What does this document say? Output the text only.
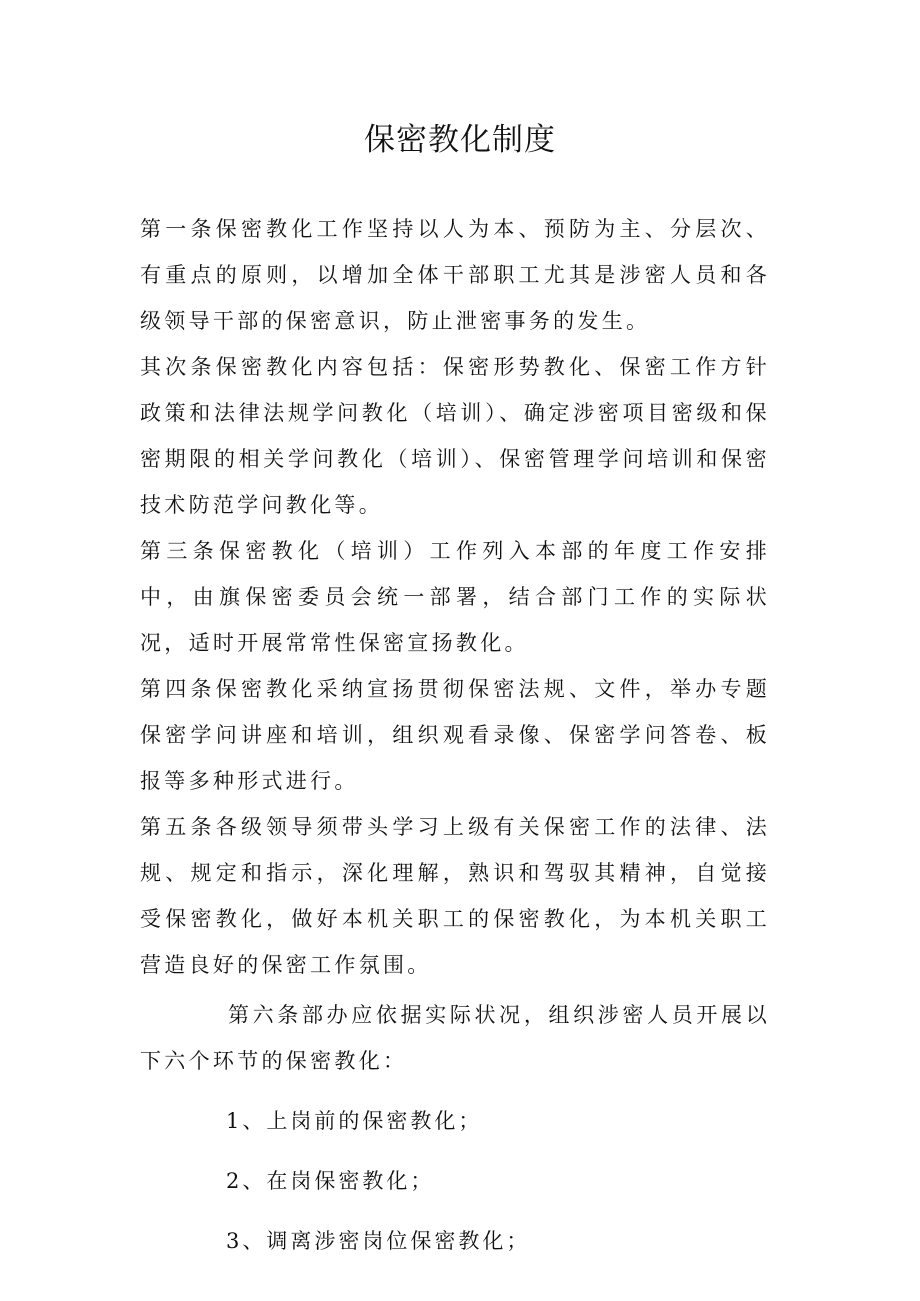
保密教化制度

第一条保密教化工作坚持以人为本、预防为主、分层次、有重点的原则，以增加全体干部职工尤其是涉密人员和各级领导干部的保密意识，防止泄密事务的发生。

其次条保密教化内容包括：保密形势教化、保密工作方针政策和法律法规学问教化（培训）、确定涉密项目密级和保密期限的相关学问教化（培训）、保密管理学问培训和保密技术防范学问教化等。

第三条保密教化（培训）工作列入本部的年度工作安排中，由旗保密委员会统一部署，结合部门工作的实际状况，适时开展常常性保密宣扬教化。

第四条保密教化采纳宣扬贯彻保密法规、文件，举办专题保密学问讲座和培训，组织观看录像、保密学问答卷、板报等多种形式进行。

第五条各级领导须带头学习上级有关保密工作的法律、法规、规定和指示，深化理解，熟识和驾驭其精神，自觉接受保密教化，做好本机关职工的保密教化，为本机关职工营造良好的保密工作氛围。

第六条部办应依据实际状况，组织涉密人员开展以下六个环节的保密教化：

1、上岗前的保密教化；

2、在岗保密教化；

3、调离涉密岗位保密教化；
